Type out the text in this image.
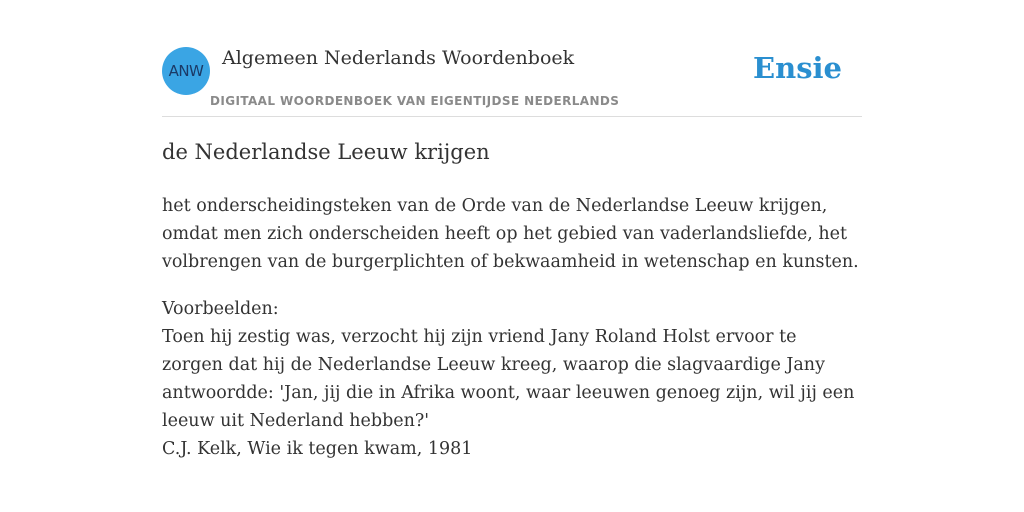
ANW
Algemeen Nederlands Woordenboek
DIGITAAL WOORDENBOEK VAN EIGENTIJDSE NEDERLANDS
Ensie
de Nederlandse Leeuw krijgen

het onderscheidingsteken van de Orde van de Nederlandse Leeuw krijgen, omdat men zich onderscheiden heeft op het gebied van vaderlandsliefde, het volbrengen van de burgerplichten of bekwaamheid in wetenschap en kunsten.

Voorbeelden:

Toen hij zestig was, verzocht hij zijn vriend Jany Roland Holst ervoor te zorgen dat hij de Nederlandse Leeuw kreeg, waarop die slagvaardige Jany antwoordde: 'Jan, jij die in Afrika woont, waar leeuwen genoeg zijn, wil jij een leeuw uit Nederland hebben?'

C.J. Kelk, Wie ik tegen kwam, 1981
